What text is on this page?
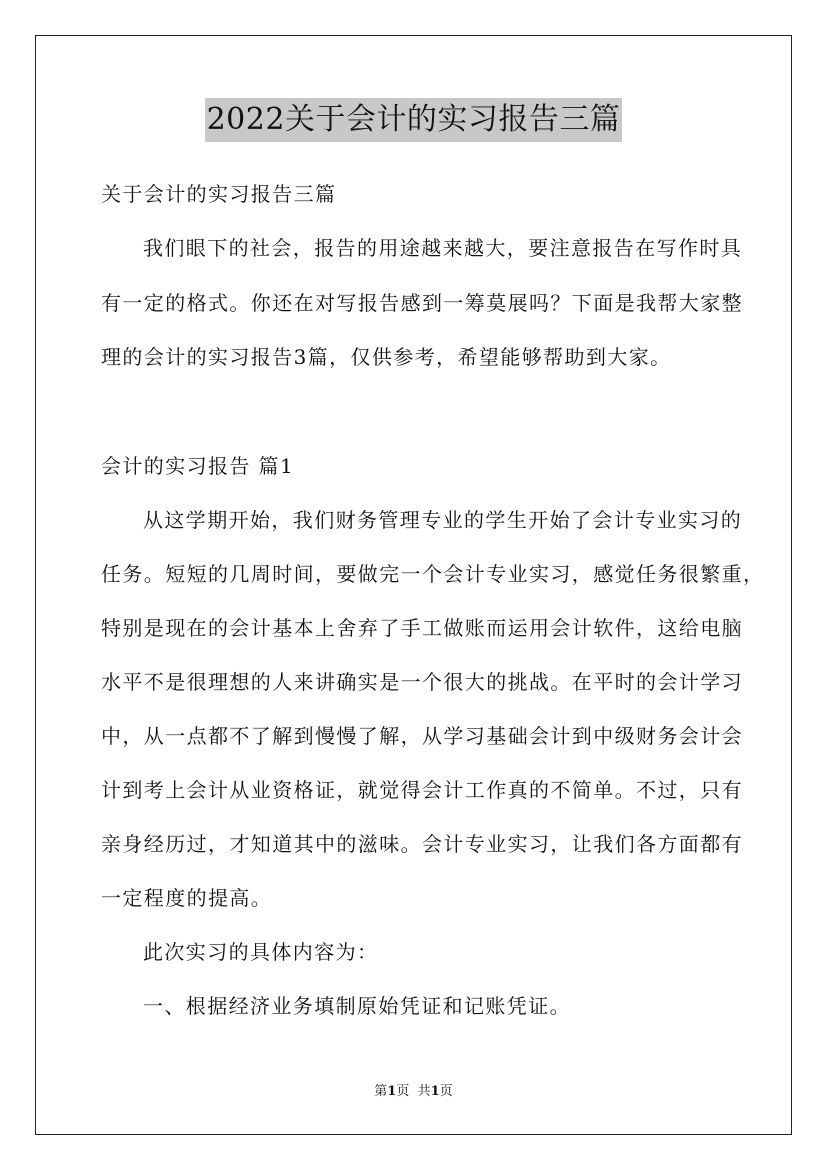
2022关于会计的实习报告三篇

关于会计的实习报告三篇

我们眼下的社会，报告的用途越来越大，要注意报告在写作时具

有一定的格式。你还在对写报告感到一筹莫展吗？下面是我帮大家整

理的会计的实习报告3篇，仅供参考，希望能够帮助到大家。

会计的实习报告 篇1

从这学期开始，我们财务管理专业的学生开始了会计专业实习的

任务。短短的几周时间，要做完一个会计专业实习，感觉任务很繁重，

特别是现在的会计基本上舍弃了手工做账而运用会计软件，这给电脑

水平不是很理想的人来讲确实是一个很大的挑战。在平时的会计学习

中，从一点都不了解到慢慢了解，从学习基础会计到中级财务会计会

计到考上会计从业资格证，就觉得会计工作真的不简单。不过，只有

亲身经历过，才知道其中的滋味。会计专业实习，让我们各方面都有

一定程度的提高。

此次实习的具体内容为：

一、根据经济业务填制原始凭证和记账凭证。

第1页 共1页
